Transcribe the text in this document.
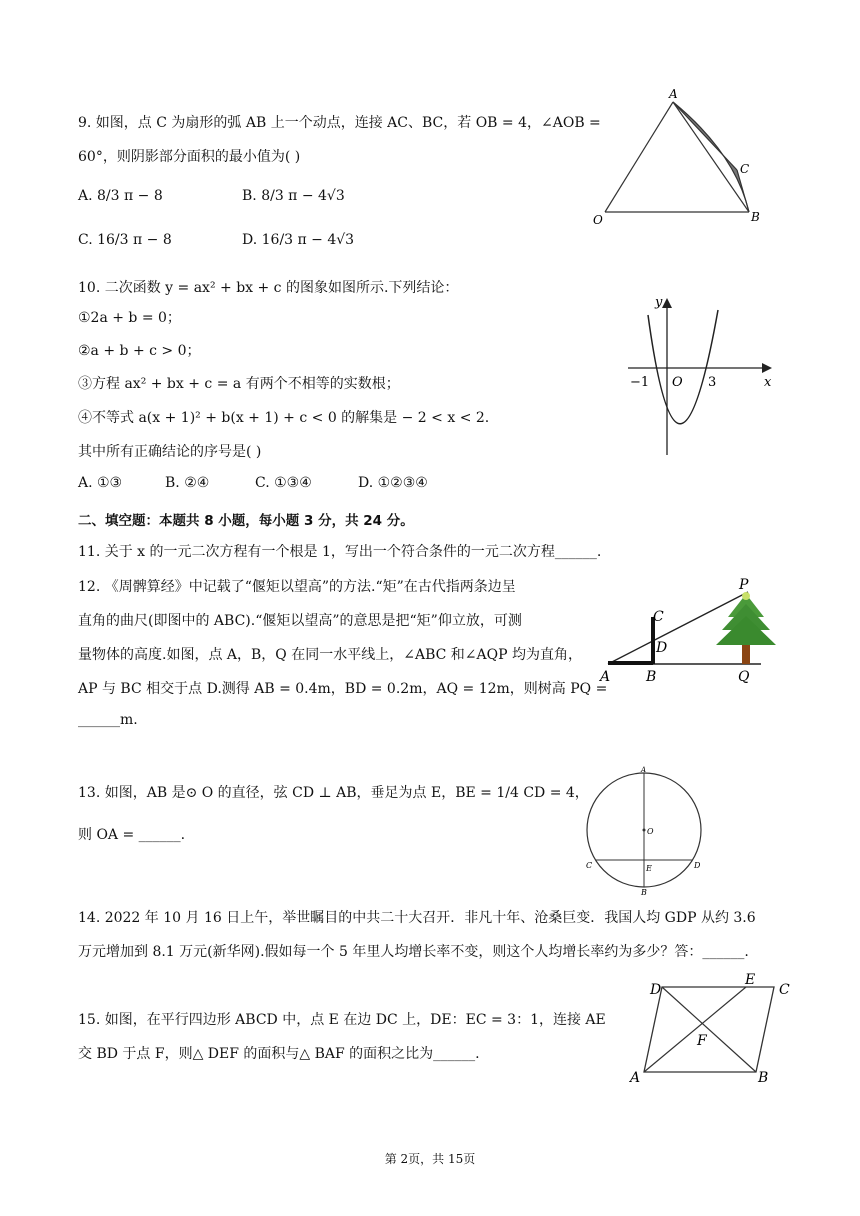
9. 如图，点 C 为扇形的弧 AB 上一个动点，连接 AC、BC，若 OB = 4，∠AOB =
60°，则阴影部分面积的最小值为( )
A. 8/3 π − 8	B. 8/3 π − 4√3
C. 16/3 π − 8	D. 16/3 π − 4√3
A
O	B
C
10. 二次函数 y = ax² + bx + c 的图象如图所示.下列结论：
①2a + b = 0；
②a + b + c > 0；
③方程 ax² + bx + c = a 有两个不相等的实数根；
④不等式 a(x + 1)² + b(x + 1) + c < 0 的解集是 − 2 < x < 2.
其中所有正确结论的序号是( )
A. ①③	B. ②④	C. ①③④	D. ①②③④
y
x
−1 O 3
二、填空题：本题共 8 小题，每小题 3 分，共 24 分。
11. 关于 x 的一元二次方程有一个根是 1，写出一个符合条件的一元二次方程______.
12. 《周髀算经》中记载了“偃矩以望高”的方法.“矩”在古代指两条边呈
直角的曲尺(即图中的 ABC).“偃矩以望高”的意思是把“矩”仰立放，可测
量物体的高度.如图，点 A，B，Q 在同一水平线上，∠ABC 和∠AQP 均为直角，
AP 与 BC 相交于点 D.测得 AB = 0.4m，BD = 0.2m，AQ = 12m，则树高 PQ =
______m.
P
C
D
A	B	Q
13. 如图，AB 是⊙ O 的直径，弦 CD ⊥ AB，垂足为点 E，BE = 1/4 CD = 4，
则 OA = ______.
A
O
C	E	D
B
14. 2022 年 10 月 16 日上午，举世瞩目的中共二十大召开．非凡十年、沧桑巨变．我国人均 GDP 从约 3.6
万元增加到 8.1 万元(新华网).假如每一个 5 年里人均增长率不变，则这个人均增长率约为多少？答：______.
15. 如图，在平行四边形 ABCD 中，点 E 在边 DC 上，DE：EC = 3：1，连接 AE
交 BD 于点 F，则△ DEF 的面积与△ BAF 的面积之比为______.
D
E
C
F
A	B
第 2页，共 15页
